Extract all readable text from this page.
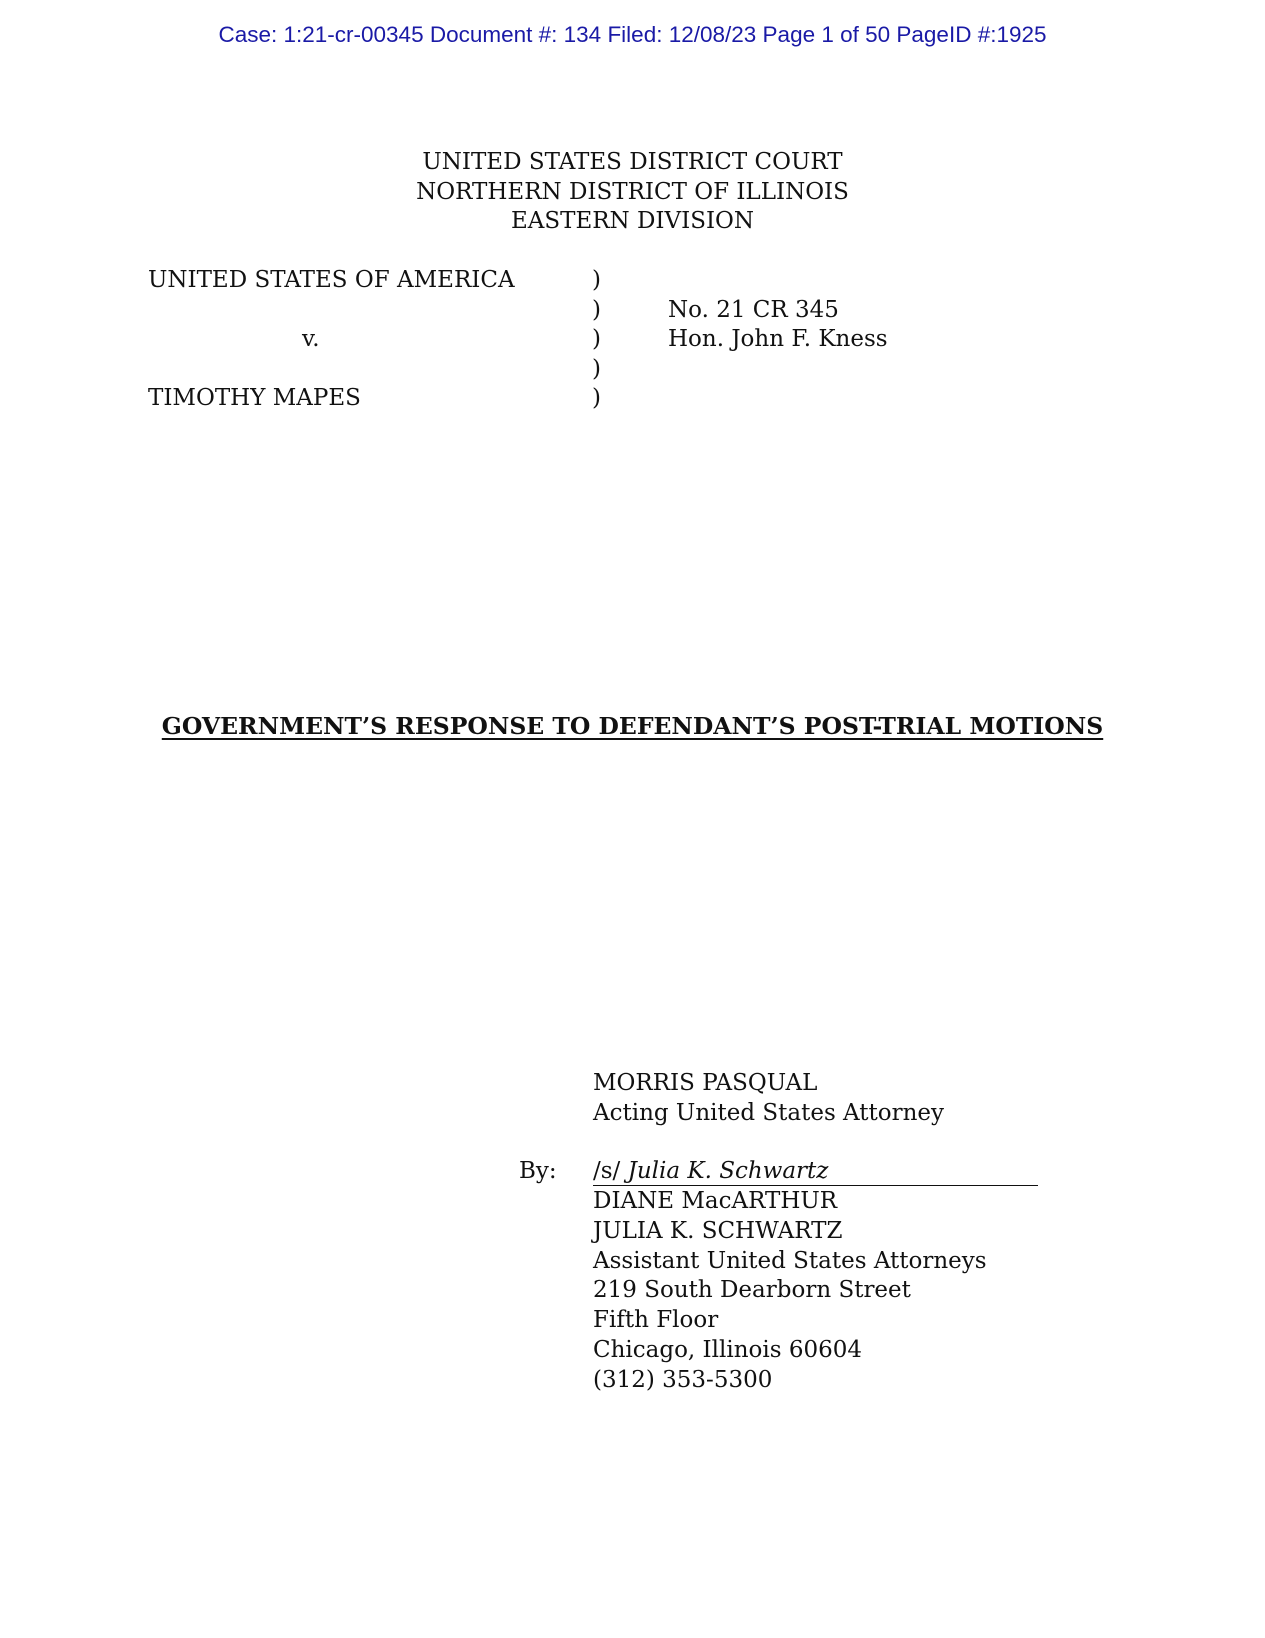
Case: 1:21-cr-00345 Document #: 134 Filed: 12/08/23 Page 1 of 50 PageID #:1925
UNITED STATES DISTRICT COURT
NORTHERN DISTRICT OF ILLINOIS
EASTERN DIVISION
UNITED STATES OF AMERICA
v.
TIMOTHY MAPES
)
)
)
)
)
No. 21 CR 345
Hon. John F. Kness
GOVERNMENT’S RESPONSE TO DEFENDANT’S POST-TRIAL MOTIONS
MORRIS PASQUAL
Acting United States Attorney
By: /s/ Julia K. Schwartz
DIANE MacARTHUR
JULIA K. SCHWARTZ
Assistant United States Attorneys
219 South Dearborn Street
Fifth Floor
Chicago, Illinois 60604
(312) 353-5300
